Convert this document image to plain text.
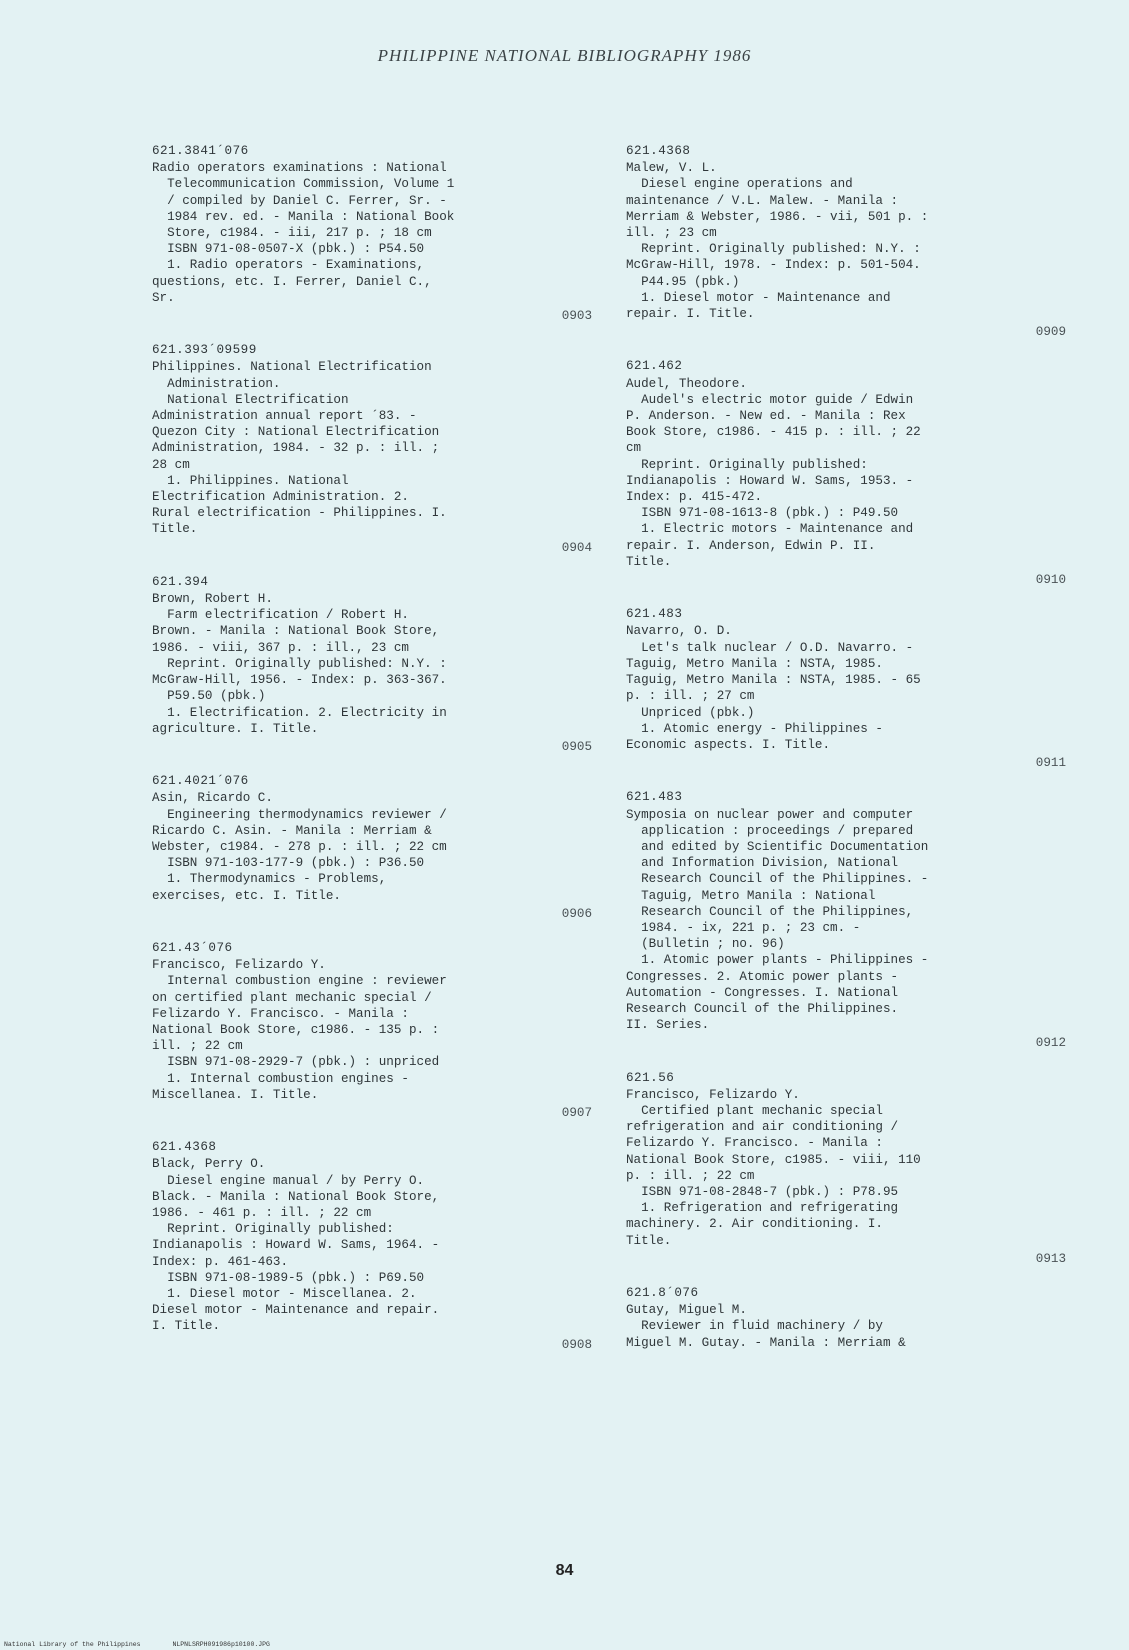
PHILIPPINE NATIONAL BIBLIOGRAPHY 1986
621.3841´076
Radio operators examinations : National
Telecommunication Commission, Volume 1
/ compiled by Daniel C. Ferrer, Sr. -
1984 rev. ed. - Manila : National Book
Store, c1984. - iii, 217 p. ; 18 cm
ISBN 971-08-0507-X (pbk.) : P54.50
1. Radio operators - Examinations,
questions, etc. I. Ferrer, Daniel C.,
Sr.
0903
621.393´09599
Philippines. National Electrification
Administration.
National Electrification
Administration annual report ´83. -
Quezon City : National Electrification
Administration, 1984. - 32 p. : ill. ;
28 cm
1. Philippines. National
Electrification Administration. 2.
Rural electrification - Philippines. I.
Title.
0904
621.394
Brown, Robert H.
Farm electrification / Robert H.
Brown. - Manila : National Book Store,
1986. - viii, 367 p. : ill., 23 cm
Reprint. Originally published: N.Y. :
McGraw-Hill, 1956. - Index: p. 363-367.
P59.50 (pbk.)
1. Electrification. 2. Electricity in
agriculture. I. Title.
0905
621.4021´076
Asin, Ricardo C.
Engineering thermodynamics reviewer /
Ricardo C. Asin. - Manila : Merriam &
Webster, c1984. - 278 p. : ill. ; 22 cm
ISBN 971-103-177-9 (pbk.) : P36.50
1. Thermodynamics - Problems,
exercises, etc. I. Title.
0906
621.43´076
Francisco, Felizardo Y.
Internal combustion engine : reviewer
on certified plant mechanic special /
Felizardo Y. Francisco. - Manila :
National Book Store, c1986. - 135 p. :
ill. ; 22 cm
ISBN 971-08-2929-7 (pbk.) : unpriced
1. Internal combustion engines -
Miscellanea. I. Title.
0907
621.4368
Black, Perry O.
Diesel engine manual / by Perry O.
Black. - Manila : National Book Store,
1986. - 461 p. : ill. ; 22 cm
Reprint. Originally published:
Indianapolis : Howard W. Sams, 1964. -
Index: p. 461-463.
ISBN 971-08-1989-5 (pbk.) : P69.50
1. Diesel motor - Miscellanea. 2.
Diesel motor - Maintenance and repair.
I. Title.
0908
621.4368
Malew, V. L.
Diesel engine operations and
maintenance / V.L. Malew. - Manila :
Merriam & Webster, 1986. - vii, 501 p. :
ill. ; 23 cm
Reprint. Originally published: N.Y. :
McGraw-Hill, 1978. - Index: p. 501-504.
P44.95 (pbk.)
1. Diesel motor - Maintenance and
repair. I. Title.
0909
621.462
Audel, Theodore.
Audel's electric motor guide / Edwin
P. Anderson. - New ed. - Manila : Rex
Book Store, c1986. - 415 p. : ill. ; 22
cm
Reprint. Originally published:
Indianapolis : Howard W. Sams, 1953. -
Index: p. 415-472.
ISBN 971-08-1613-8 (pbk.) : P49.50
1. Electric motors - Maintenance and
repair. I. Anderson, Edwin P. II.
Title.
0910
621.483
Navarro, O. D.
Let's talk nuclear / O.D. Navarro. -
Taguig, Metro Manila : NSTA, 1985.
Taguig, Metro Manila : NSTA, 1985. - 65
p. : ill. ; 27 cm
Unpriced (pbk.)
1. Atomic energy - Philippines -
Economic aspects. I. Title.
0911
621.483
Symposia on nuclear power and computer
application : proceedings / prepared
and edited by Scientific Documentation
and Information Division, National
Research Council of the Philippines. -
Taguig, Metro Manila : National
Research Council of the Philippines,
1984. - ix, 221 p. ; 23 cm. -
(Bulletin ; no. 96)
1. Atomic power plants - Philippines -
Congresses. 2. Atomic power plants -
Automation - Congresses. I. National
Research Council of the Philippines.
II. Series.
0912
621.56
Francisco, Felizardo Y.
Certified plant mechanic special
refrigeration and air conditioning /
Felizardo Y. Francisco. - Manila :
National Book Store, c1985. - viii, 110
p. : ill. ; 22 cm
ISBN 971-08-2848-7 (pbk.) : P78.95
1. Refrigeration and refrigerating
machinery. 2. Air conditioning. I.
Title.
0913
621.8´076
Gutay, Miguel M.
Reviewer in fluid machinery / by
Miguel M. Gutay. - Manila : Merriam &
84
National Library of the Philippines	NLPNLSRPH091986p10100.JPG
